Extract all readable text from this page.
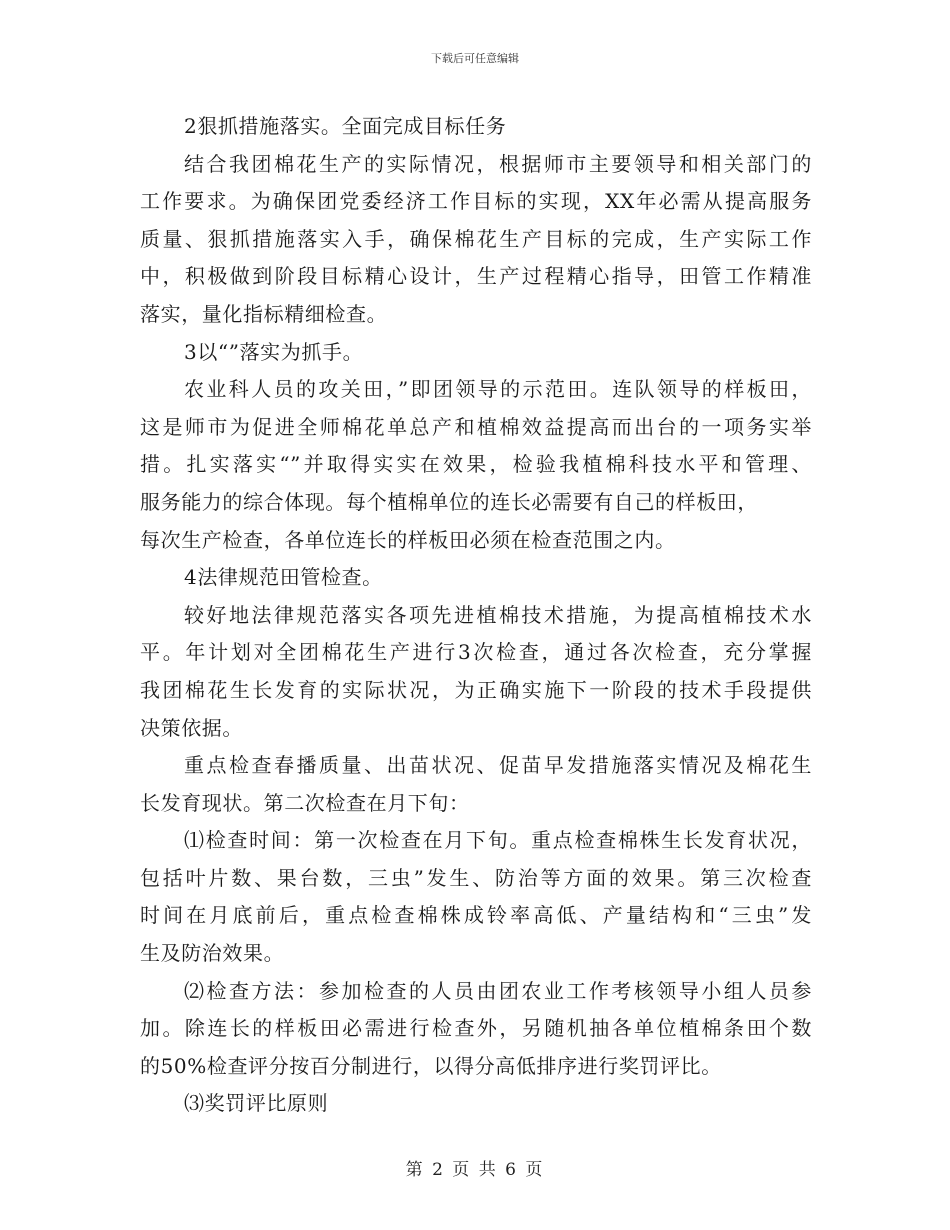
下载后可任意编辑
2狠抓措施落实。全面完成目标任务
结合我团棉花生产的实际情况，根据师市主要领导和相关部门的
工作要求。为确保团党委经济工作目标的实现，XX年必需从提高服务
质量、狠抓措施落实入手，确保棉花生产目标的完成，生产实际工作
中，积极做到阶段目标精心设计，生产过程精心指导，田管工作精准
落实，量化指标精细检查。
3以“”落实为抓手。
农业科人员的攻关田，”即团领导的示范田。连队领导的样板田，
这是师市为促进全师棉花单总产和植棉效益提高而出台的一项务实举
措。扎实落实“”并取得实实在效果，检验我植棉科技水平和管理、
服务能力的综合体现。每个植棉单位的连长必需要有自己的样板田，
每次生产检查，各单位连长的样板田必须在检查范围之内。
4法律规范田管检查。
较好地法律规范落实各项先进植棉技术措施，为提高植棉技术水
平。年计划对全团棉花生产进行3次检查，通过各次检查，充分掌握
我团棉花生长发育的实际状况，为正确实施下一阶段的技术手段提供
决策依据。
重点检查春播质量、出苗状况、促苗早发措施落实情况及棉花生
长发育现状。第二次检查在月下旬：
⑴检查时间：第一次检查在月下旬。重点检查棉株生长发育状况，
包括叶片数、果台数，三虫”发生、防治等方面的效果。第三次检查
时间在月底前后，重点检查棉株成铃率高低、产量结构和“三虫”发
生及防治效果。
⑵检查方法：参加检查的人员由团农业工作考核领导小组人员参
加。除连长的样板田必需进行检查外，另随机抽各单位植棉条田个数
的50%检查评分按百分制进行，以得分高低排序进行奖罚评比。
⑶奖罚评比原则
第 2 页 共 6 页
